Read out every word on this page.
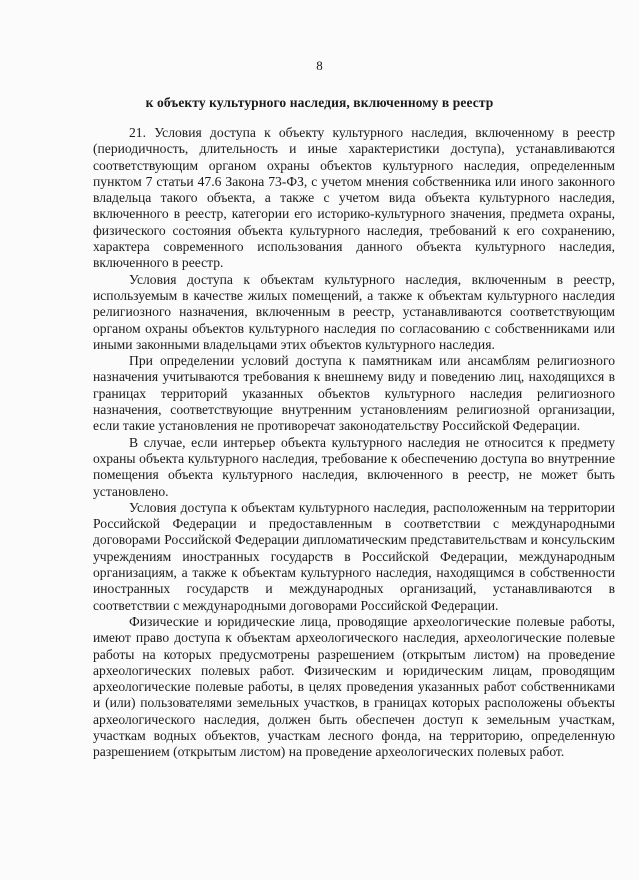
8
к объекту культурного наследия, включенному в реестр

21. Условия доступа к объекту культурного наследия, включенному в реестр (периодичность, длительность и иные характеристики доступа), устанавливаются соответствующим органом охраны объектов культурного наследия, определенным пунктом 7 статьи 47.6 Закона 73-ФЗ, с учетом мнения собственника или иного законного владельца такого объекта, а также с учетом вида объекта культурного наследия, включенного в реестр, категории его историко-культурного значения, предмета охраны, физического состояния объекта культурного наследия, требований к его сохранению, характера современного использования данного объекта культурного наследия, включенного в реестр.

Условия доступа к объектам культурного наследия, включенным в реестр, используемым в качестве жилых помещений, а также к объектам культурного наследия религиозного назначения, включенным в реестр, устанавливаются соответствующим органом охраны объектов культурного наследия по согласованию с собственниками или иными законными владельцами этих объектов культурного наследия.

При определении условий доступа к памятникам или ансамблям религиозного назначения учитываются требования к внешнему виду и поведению лиц, находящихся в границах территорий указанных объектов культурного наследия религиозного назначения, соответствующие внутренним установлениям религиозной организации, если такие установления не противоречат законодательству Российской Федерации.

В случае, если интерьер объекта культурного наследия не относится к предмету охраны объекта культурного наследия, требование к обеспечению доступа во внутренние помещения объекта культурного наследия, включенного в реестр, не может быть установлено.

Условия доступа к объектам культурного наследия, расположенным на территории Российской Федерации и предоставленным в соответствии с международными договорами Российской Федерации дипломатическим представительствам и консульским учреждениям иностранных государств в Российской Федерации, международным организациям, а также к объектам культурного наследия, находящимся в собственности иностранных государств и международных организаций, устанавливаются в соответствии с международными договорами Российской Федерации.

Физические и юридические лица, проводящие археологические полевые работы, имеют право доступа к объектам археологического наследия, археологические полевые работы на которых предусмотрены разрешением (открытым листом) на проведение археологических полевых работ. Физическим и юридическим лицам, проводящим археологические полевые работы, в целях проведения указанных работ собственниками и (или) пользователями земельных участков, в границах которых расположены объекты археологического наследия, должен быть обеспечен доступ к земельным участкам, участкам водных объектов, участкам лесного фонда, на территорию, определенную разрешением (открытым листом) на проведение археологических полевых работ.
